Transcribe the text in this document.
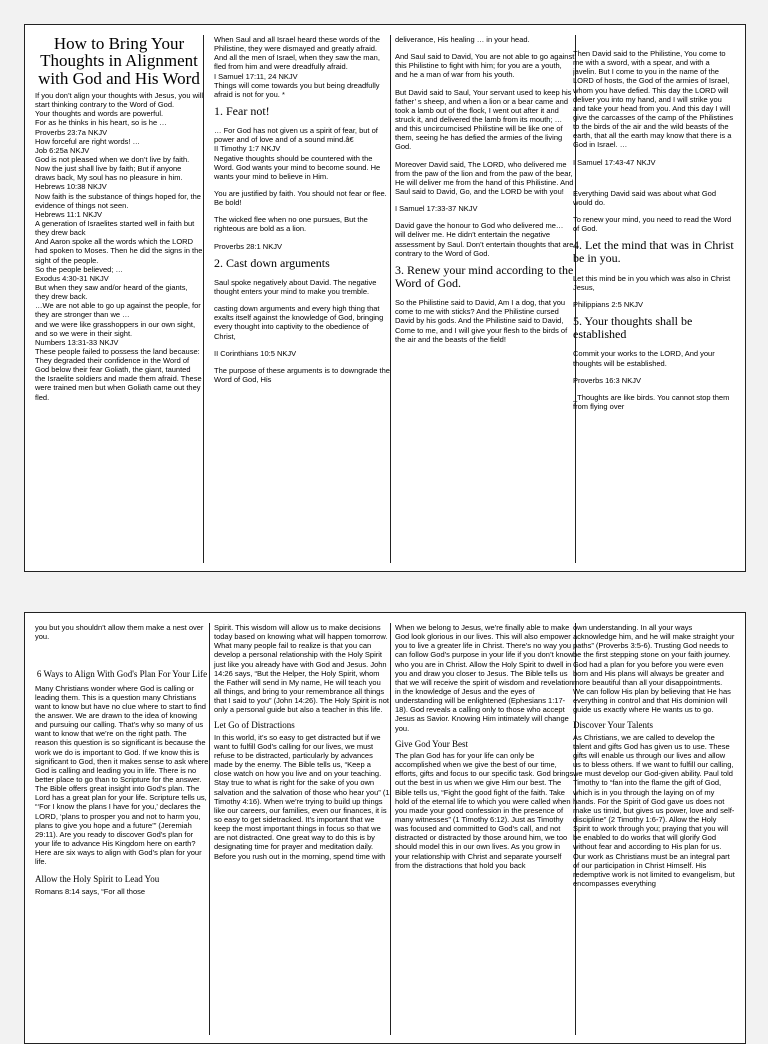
How to Bring Your Thoughts in Alignment with God and His Word

If you don’t align your thoughts with Jesus, you will start thinking contrary to the Word of God.

Your thoughts and words are powerful.

For as he thinks in his heart, so is he …

Proverbs 23:7a NKJV

How forceful are right words! …

Job 6:25a NKJV

God is not pleased when we don’t live by faith.

Now the just shall live by faith; But if anyone draws back, My soul has no pleasure in him.

Hebrews 10:38 NKJV

Now faith is the substance of things hoped for, the evidence of things not seen.

Hebrews 11:1 NKJV

A generation of Israelites started well in faith but they drew back

And Aaron spoke all the words which the LORD had spoken to Moses. Then he did the signs in the sight of the people.

So the people believed; …

Exodus 4:30-31 NKJV

But when they saw and/or heard of the giants, they drew back.

…We are not able to go up against the people, for they are stronger than we …

and we were like grasshoppers in our own sight, and so we were in their sight.

Numbers 13:31-33 NKJV

These people failed to possess the land because:

They degraded their confidence in the Word of God below their fear Goliath, the giant, taunted the Israelite soldiers and made them afraid. These were trained men but when Goliath came out they fled.

When Saul and all Israel heard these words of the Philistine, they were dismayed and greatly afraid. And all the men of Israel, when they saw the man, fled from him and were dreadfully afraid.

I Samuel 17:11, 24 NKJV

Things will come towards you but being dreadfully afraid is not for you. *

1. Fear not!

… For God has not given us a spirit of fear, but of power and of love and of a sound mind.â€

II Timothy 1:7 NKJV

Negative thoughts should be countered with the Word. God wants your mind to become sound. He wants your mind to believe in Him.

You are justified by faith. You should not fear or flee. Be bold!

The wicked flee when no one pursues, But the righteous are bold as a lion.

Proverbs 28:1 NKJV

2. Cast down arguments

Saul spoke negatively about David. The negative thought enters your mind to make you tremble.

casting down arguments and every high thing that exalts itself against the knowledge of God, bringing every thought into captivity to the obedience of Christ,

II Corinthians 10:5 NKJV

The purpose of these arguments is to downgrade the Word of God, His

deliverance, His healing … in your head.

And Saul said to David, You are not able to go against this Philistine to fight with him; for you are a youth, and he a man of war from his youth.

But David said to Saul, Your servant used to keep his father’ s sheep, and when a lion or a bear came and took a lamb out of the flock, I went out after it and struck it, and delivered the lamb from its mouth; … and this uncircumcised Philistine will be like one of them, seeing he has defied the armies of the living God.

Moreover David said, The LORD, who delivered me from the paw of the lion and from the paw of the bear, He will deliver me from the hand of this Philistine. And Saul said to David, Go, and the LORD be with you!

I Samuel 17:33-37 NKJV

David gave the honour to God who delivered me… will deliver me. He didn’t entertain the negative assessment by Saul. Don’t entertain thoughts that are contrary to the Word of God.

3. Renew your mind according to the Word of God.

So the Philistine said to David, Am I a dog, that you come to me with sticks? And the Philistine cursed David by his gods. And the Philistine said to David, Come to me, and I will give your flesh to the birds of the air and the beasts of the field!

Then David said to the Philistine, You come to me with a sword, with a spear, and with a javelin. But I come to you in the name of the LORD of hosts, the God of the armies of Israel, whom you have defied. This day the LORD will deliver you into my hand, and I will strike you and take your head from you. And this day I will give the carcasses of the camp of the Philistines to the birds of the air and the wild beasts of the earth, that all the earth may know that there is a God in Israel. …

I Samuel 17:43-47 NKJV

Everything David said was about what God would do.

To renew your mind, you need to read the Word of God.

4. Let the mind that was in Christ be in you.

Let this mind be in you which was also in Christ Jesus,

Philippians 2:5 NKJV

5. Your thoughts shall be established

Commit your works to the LORD, And your thoughts will be established.

Proverbs 16:3 NKJV

_Thoughts are like birds. You cannot stop them from flying over

you but you shouldn’t allow them make a nest over you.

6 Ways to Align With God's Plan For Your Life

Many Christians wonder where God is calling or leading them. This is a question many Christians want to know but have no clue where to start to find the answer. We are drawn to the idea of knowing and pursuing our calling. That’s why so many of us want to know that we’re on the right path. The reason this question is so significant is because the work we do is important to God. If we know this is significant to God, then it makes sense to ask where God is calling and leading you in life. There is no better place to go than to Scripture for the answer. The Bible offers great insight into God’s plan. The Lord has a great plan for your life. Scripture tells us, “‘For I know the plans I have for you,’ declares the LORD, ‘plans to prosper you and not to harm you, plans to give you hope and a future’” (Jeremiah 29:11). Are you ready to discover God’s plan for your life to advance His Kingdom here on earth? Here are six ways to align with God’s plan for your life.

Allow the Holy Spirit to Lead You

Romans 8:14 says, “For all those

Spirit. This wisdom will allow us to make decisions today based on knowing what will happen tomorrow. What many people fail to realize is that you can develop a personal relationship with the Holy Spirit just like you already have with God and Jesus. John 14:26 says, “But the Helper, the Holy Spirit, whom the Father will send in My name, He will teach you all things, and bring to your remembrance all things that I said to you” (John 14:26). The Holy Spirit is not only a personal guide but also a teacher in this life.

Let Go of Distractions

In this world, it’s so easy to get distracted but if we want to fulfill God’s calling for our lives, we must refuse to be distracted, particularly by advances made by the enemy. The Bible tells us, “Keep a close watch on how you live and on your teaching. Stay true to what is right for the sake of you own salvation and the salvation of those who hear you” (1 Timothy 4:16). When we’re trying to build up things like our careers, our families, even our finances, it is so easy to get sidetracked. It’s important that we keep the most important things in focus so that we are not distracted. One great way to do this is by designating time for prayer and meditation daily. Before you rush out in the morning, spend time with

When we belong to Jesus, we’re finally able to make God look glorious in our lives. This will also empower you to live a greater life in Christ. There’s no way you can follow God’s purpose in your life if you don’t know who you are in Christ. Allow the Holy Spirit to dwell in you and draw you closer to Jesus. The Bible tells us that we will receive the spirit of wisdom and revelation in the knowledge of Jesus and the eyes of understanding will be enlightened (Ephesians 1:17-18). God reveals a calling only to those who accept Jesus as Savior. Knowing Him intimately will change you.

Give God Your Best

The plan God has for your life can only be accomplished when we give the best of our time, efforts, gifts and focus to our specific task. God brings out the best in us when we give Him our best. The Bible tells us, “Fight the good fight of the faith. Take hold of the eternal life to which you were called when you made your good confession in the presence of many witnesses” (1 Timothy 6:12). Just as Timothy was focused and committed to God’s call, and not distracted or distracted by those around him, we too should model this in our own lives. As you grow in your relationship with Christ and separate yourself from the distractions that hold you back

own understanding. In all your ways acknowledge him, and he will make straight your paths” (Proverbs 3:5-6). Trusting God needs to be the first stepping stone on your faith journey. God had a plan for you before you were even born and His plans will always be greater and more beautiful than all your disappointments. We can follow His plan by believing that He has everything in control and that His dominion will guide us exactly where He wants us to go.

Discover Your Talents

As Christians, we are called to develop the talent and gifts God has given us to use. These gifts will enable us through our lives and allow us to bless others. If we want to fulfill our calling, we must develop our God-given ability. Paul told Timothy to “fan into the flame the gift of God, which is in you through the laying on of my hands. For the Spirit of God gave us does not make us timid, but gives us power, love and self-discipline” (2 Timothy 1:6-7). Allow the Holy Spirit to work through you; praying that you will be enabled to do works that will glorify God without fear and according to His plan for us. Our work as Christians must be an integral part of our participation in Christ Himself. His redemptive work is not limited to evangelism, but encompasses everything
